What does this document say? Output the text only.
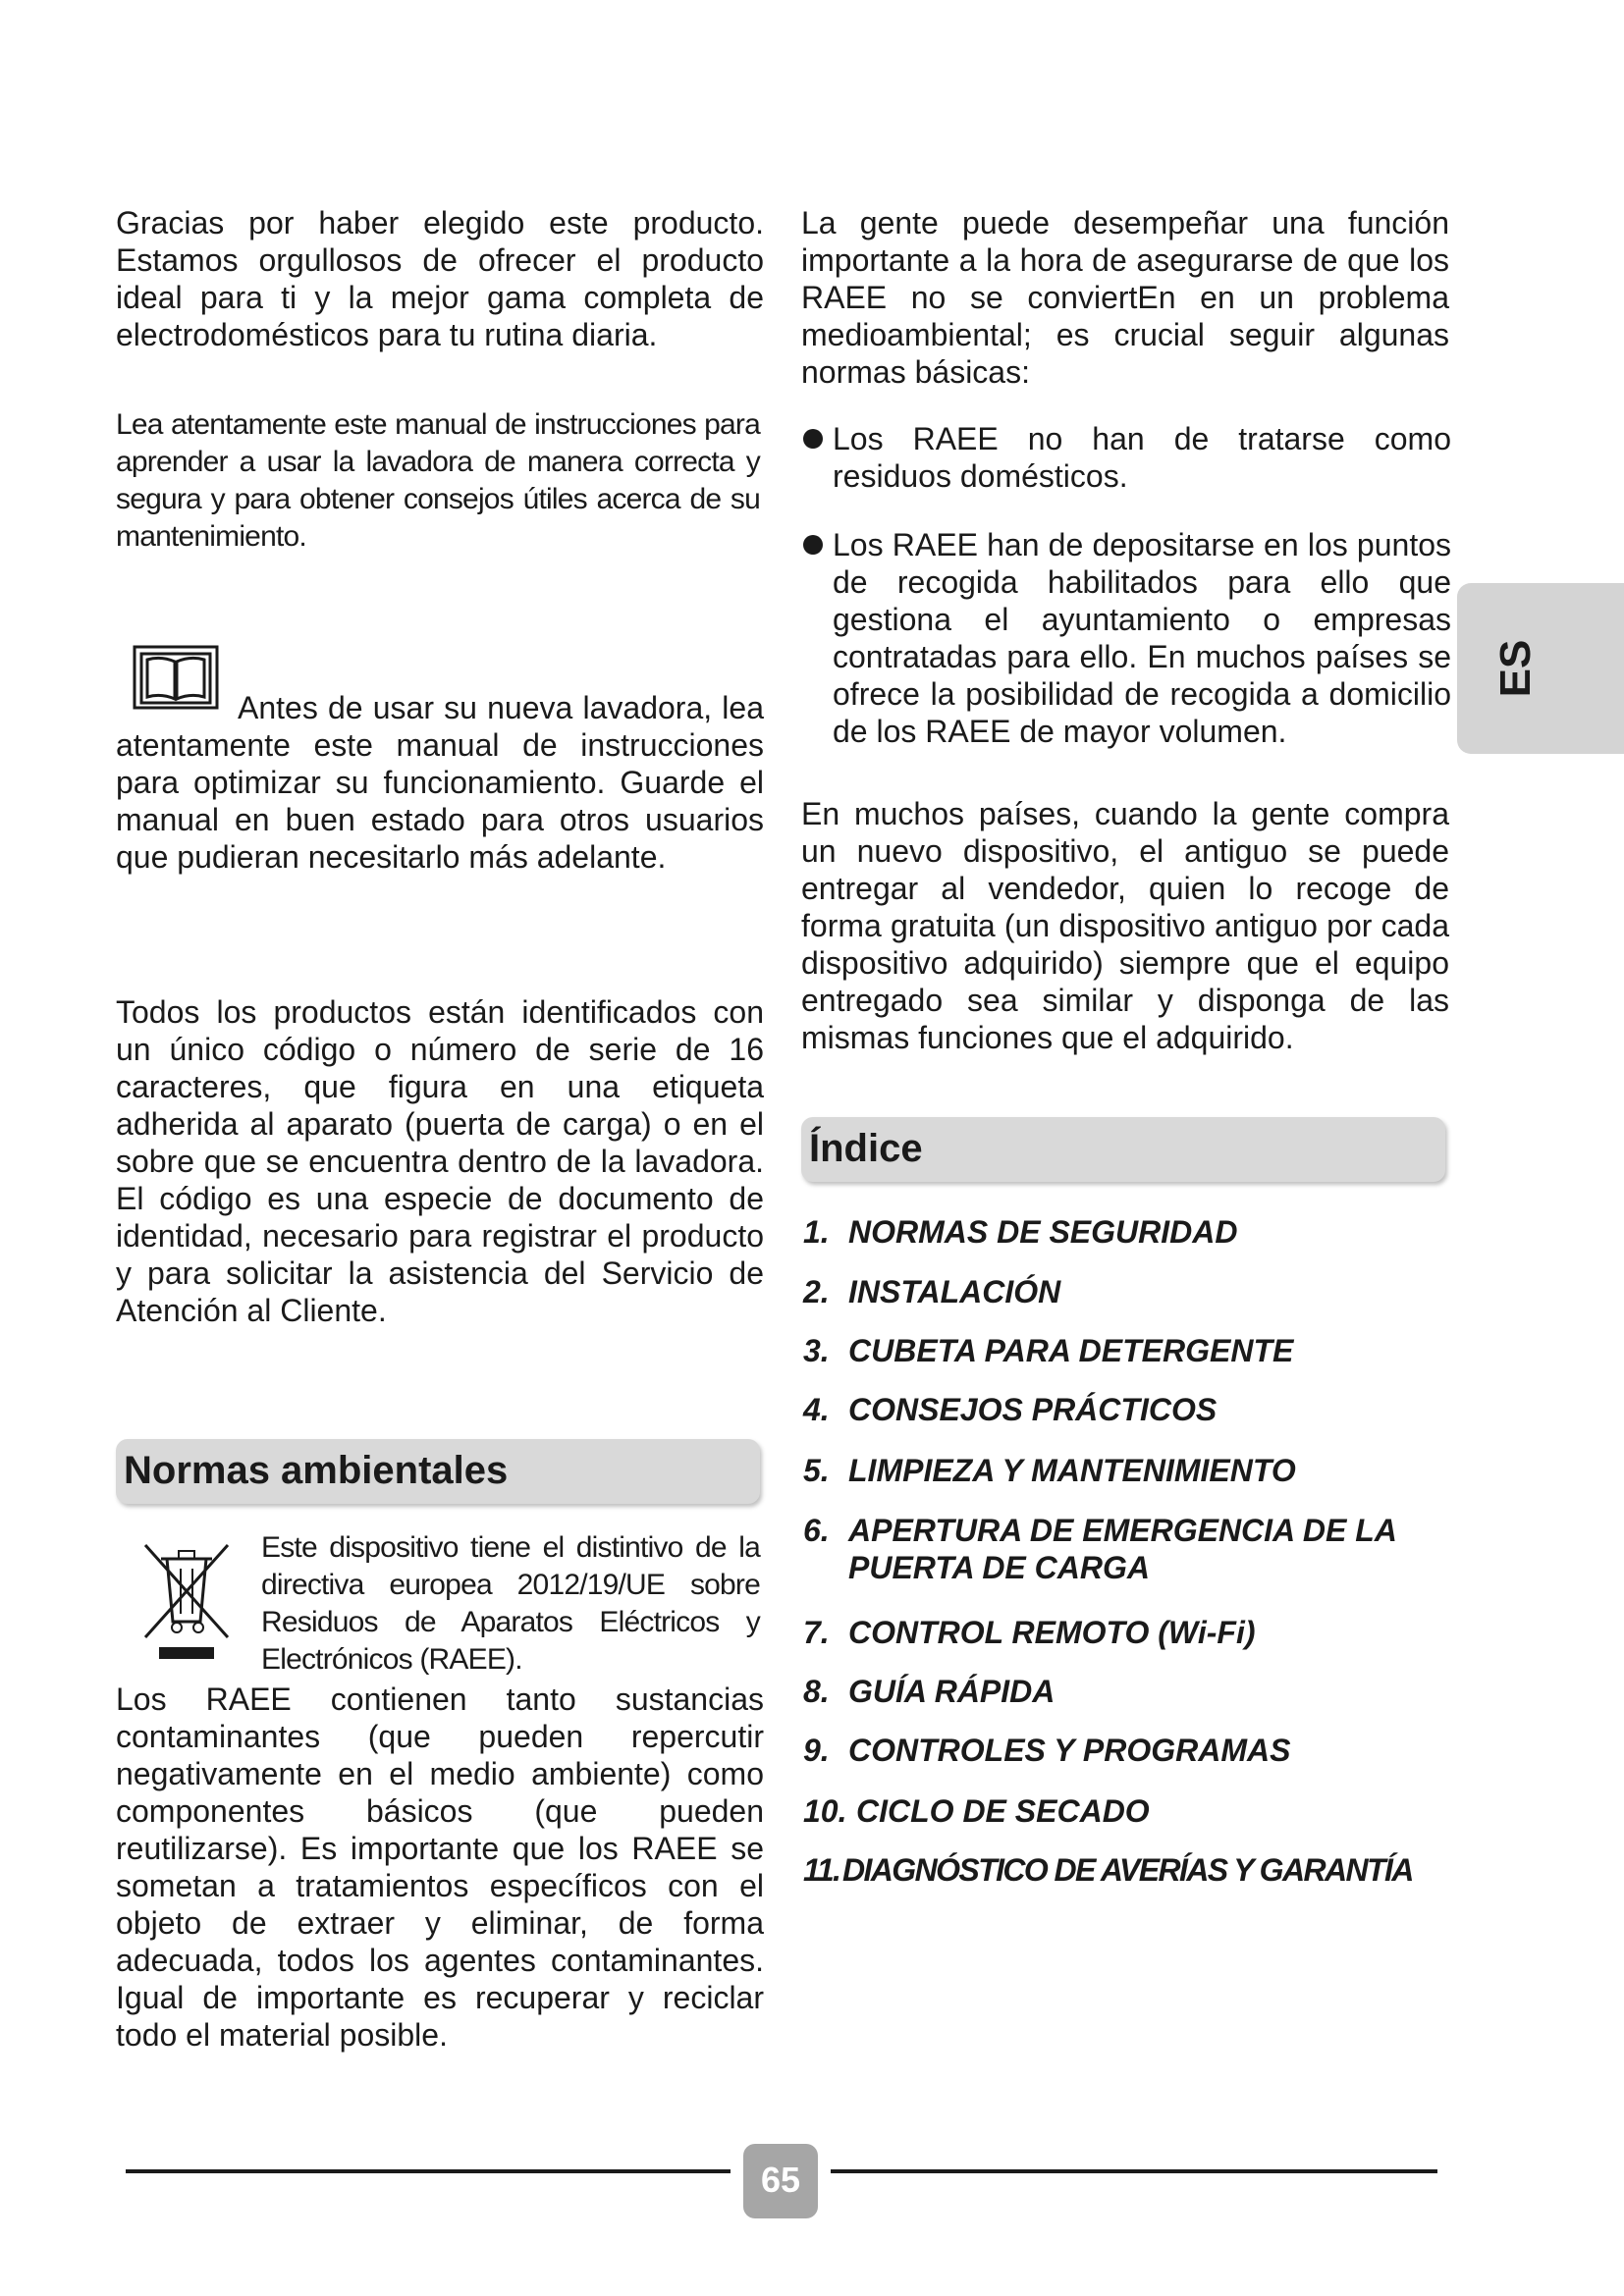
Gracias por haber elegido este producto. Estamos orgullosos de ofrecer el producto ideal para ti y la mejor gama completa de electrodomésticos para tu rutina diaria.

Lea atentamente este manual de instrucciones para aprender a usar la lavadora de manera correcta y segura y para obtener consejos útiles acerca de su mantenimiento.

Antes de usar su nueva lavadora, lea atentamente este manual de instrucciones para optimizar su funcionamiento. Guarde el manual en buen estado para otros usuarios que pudieran necesitarlo más adelante.

Todos los productos están identificados con un único código o número de serie de 16 caracteres, que figura en una etiqueta adherida al aparato (puerta de carga) o en el sobre que se encuentra dentro de la lavadora. El código es una especie de documento de identidad, necesario para registrar el producto y para solicitar la asistencia del Servicio de Atención al Cliente.

Normas ambientales

Este dispositivo tiene el distintivo de la directiva europea 2012/19/UE sobre Residuos de Aparatos Eléctricos y Electrónicos (RAEE).

Los RAEE contienen tanto sustancias contaminantes (que pueden repercutir negativamente en el medio ambiente) como componentes básicos (que pueden reutilizarse). Es importante que los RAEE se sometan a tratamientos específicos con el objeto de extraer y eliminar, de forma adecuada, todos los agentes contaminantes. Igual de importante es recuperar y reciclar todo el material posible.

La gente puede desempeñar una función importante a la hora de asegurarse de que los RAEE no se conviertEn en un problema medioambiental; es crucial seguir algunas normas básicas:

Los RAEE no han de tratarse como residuos domésticos.
Los RAEE han de depositarse en los puntos de recogida habilitados para ello que gestiona el ayuntamiento o empresas contratadas para ello. En muchos países se ofrece la posibilidad de recogida a domicilio de los RAEE de mayor volumen.

En muchos países, cuando la gente compra un nuevo dispositivo, el antiguo se puede entregar al vendedor, quien lo recoge de forma gratuita (un dispositivo antiguo por cada dispositivo adquirido) siempre que el equipo entregado sea similar y disponga de las mismas funciones que el adquirido.

Índice
1. NORMAS DE SEGURIDAD
2. INSTALACIÓN
3. CUBETA PARA DETERGENTE
4. CONSEJOS PRÁCTICOS
5. LIMPIEZA Y MANTENIMIENTO
6. APERTURA DE EMERGENCIA DE LA PUERTA DE CARGA
7. CONTROL REMOTO (Wi-Fi)
8. GUÍA RÁPIDA
9. CONTROLES Y PROGRAMAS
10. CICLO DE SECADO
11. DIAGNÓSTICO DE AVERÍAS Y GARANTÍA
ES
65
